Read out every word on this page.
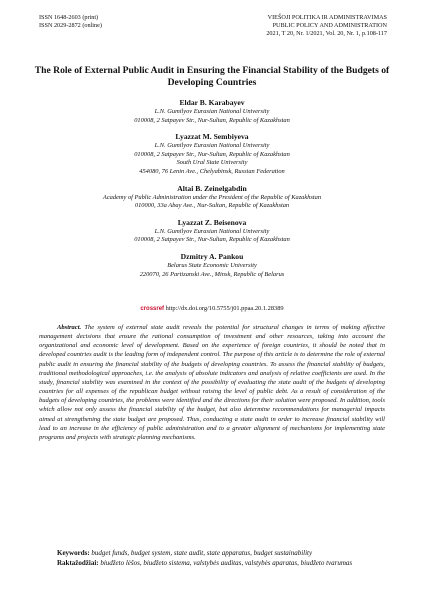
ISSN 1648-2603 (print)
ISSN 2029-2872 (online)
VIEŠOJI POLITIKA IR ADMINISTRAVIMAS
PUBLIC POLICY AND ADMINISTRATION
2021, T 20, Nr. 1/2021, Vol. 20, Nr. 1, p.108-117
The Role of External Public Audit in Ensuring the Financial Stability of the Budgets of Developing Countries
Eldar B. Karabayev
L.N. Gumilyov Eurasian National University
010008, 2 Satpayev Str., Nur-Sultan, Republic of Kazakhstan
Lyazzat M. Sembiyeva
L.N. Gumilyov Eurasian National University
010008, 2 Satpayev Str., Nur-Sultan, Republic of Kazakhstan
South Ural State University
454080, 76 Lenin Ave., Chelyabinsk, Russian Federation
Altai B. Zeinelgabdin
Academy of Public Administration under the President of the Republic of Kazakhstan
010000, 33a Abay Ave., Nur-Sultan, Republic of Kazakhstan
Lyazzat Z. Beisenova
L.N. Gumilyov Eurasian National University
010008, 2 Satpayev Str., Nur-Sultan, Republic of Kazakhstan
Dzmitry A. Pankou
Belarus State Economic University
220070, 26 Partizanski Ave., Minsk, Republic of Belarus
crossref http://dx.doi.org/10.5755/j01.ppaa.20.1.28389
Abstract. The system of external state audit reveals the potential for structural changes in terms of making effective management decisions that ensure the rational consumption of investment and other resources, taking into account the organizational and economic level of development. Based on the experience of foreign countries, it should be noted that in developed countries audit is the leading form of independent control. The purpose of this article is to determine the role of external public audit in ensuring the financial stability of the budgets of developing countries. To assess the financial stability of budgets, traditional methodological approaches, i.e. the analysis of absolute indicators and analysis of relative coefficients are used. In the study, financial stability was examined in the context of the possibility of evaluating the state audit of the budgets of developing countries for all expenses of the republican budget without raising the level of public debt. As a result of consideration of the budgets of developing countries, the problems were identified and the directions for their solution were proposed. In addition, tools which allow not only assess the financial stability of the budget, but also determine recommendations for managerial impacts aimed at strengthening the state budget are proposed. Thus, conducting a state audit in order to increase financial stability will lead to an increase in the efficiency of public administration and to a greater alignment of mechanisms for implementing state programs and projects with strategic planning mechanisms.
Keywords: budget funds, budget system, state audit, state apparatus, budget sustainability
Raktažodžiai: biudžeto lėšos, biudžeto sistema, valstybės auditas, valstybės aparatas, biudžeto tvarumas
